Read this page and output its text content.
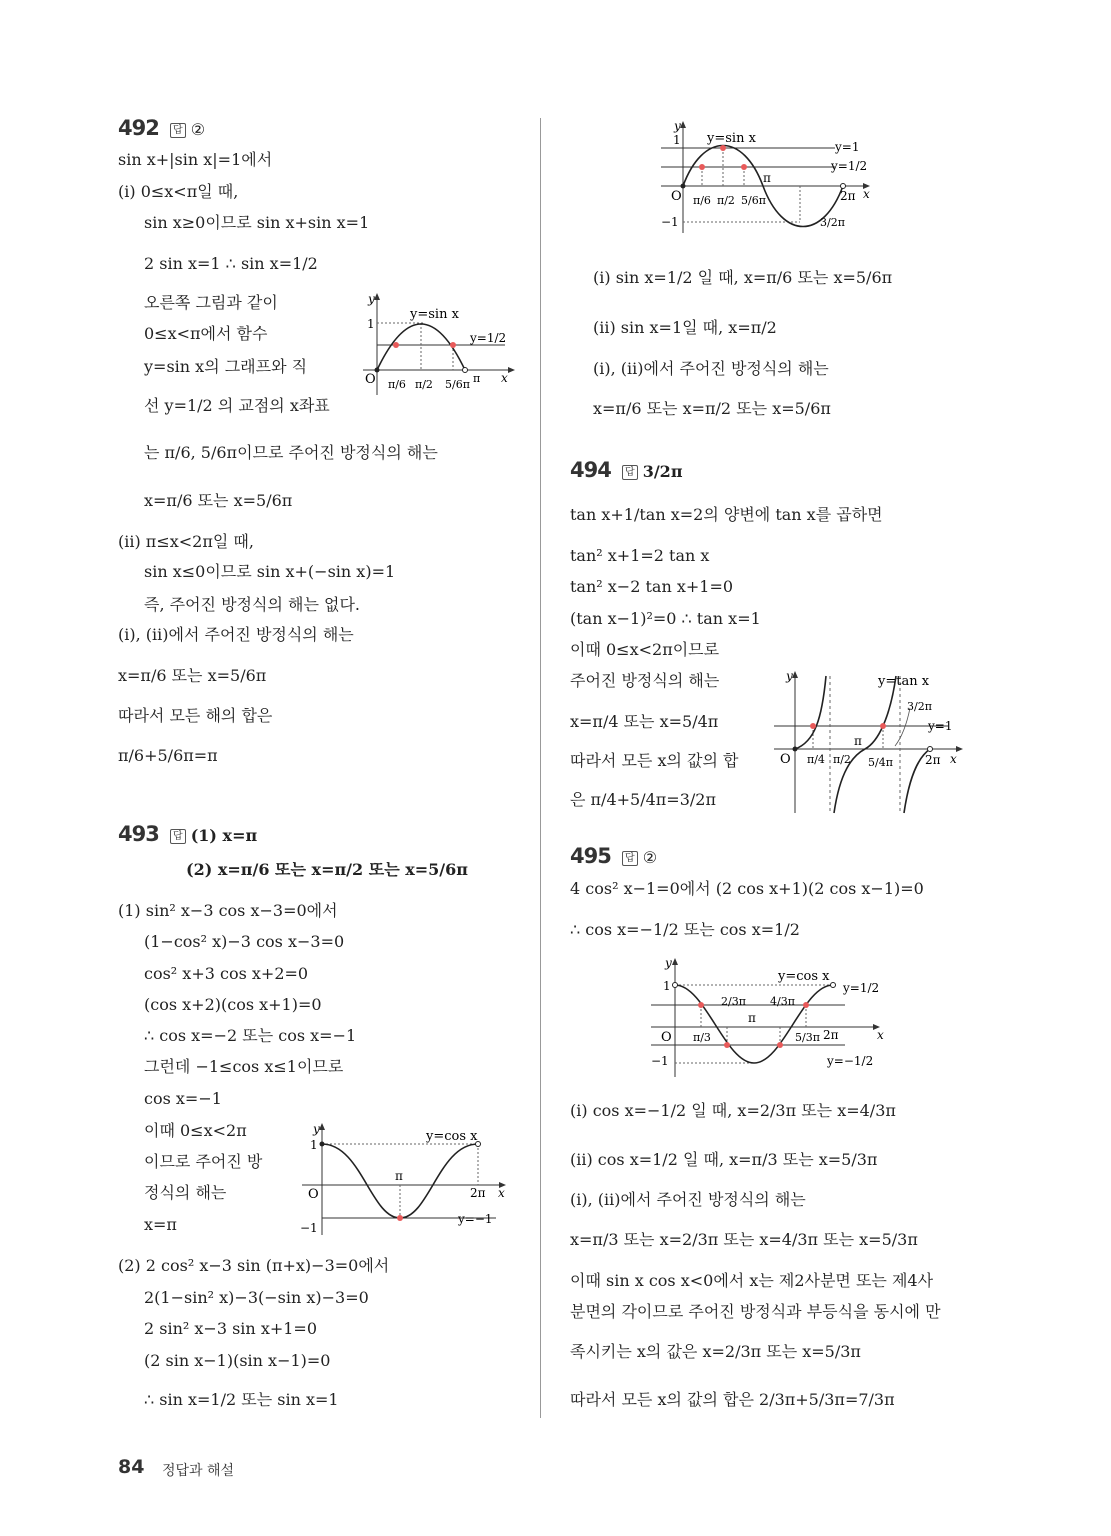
492 답 ②
sin x+|sin x|=1에서
(ⅰ) 0≤x<π일 때,
sin x≥0이므로 sin x+sin x=1
2 sin x=1 ∴ sin x=1/2
오른쪽 그림과 같이
0≤x<π에서 함수
y=sin x의 그래프와 직
선 y=1/2 의 교점의 x좌표
는 π/6, 5/6π이므로 주어진 방정식의 해는
x=π/6 또는 x=5/6π
(ⅱ) π≤x<2π일 때,
sin x≤0이므로 sin x+(−sin x)=1
즉, 주어진 방정식의 해는 없다.
(ⅰ), (ⅱ)에서 주어진 방정식의 해는
x=π/6 또는 x=5/6π
따라서 모든 해의 합은
π/6+5/6π=π
y
y=sin x
1
y=1/2
O	x
π/6 π/2 5/6π π
493 답 (1) x=π
(2) x=π/6 또는 x=π/2 또는 x=5/6π
(1) sin² x−3 cos x−3=0에서
(1−cos² x)−3 cos x−3=0
cos² x+3 cos x+2=0
(cos x+2)(cos x+1)=0
∴ cos x=−2 또는 cos x=−1
그런데 −1≤cos x≤1이므로
cos x=−1
이때 0≤x<2π
이므로 주어진 방
정식의 해는
x=π
(2) 2 cos² x−3 sin (π+x)−3=0에서
2(1−sin² x)−3(−sin x)−3=0
2 sin² x−3 sin x+1=0
(2 sin x−1)(sin x−1)=0
∴ sin x=1/2 또는 sin x=1
y	y=cos x
1
O
π
2π x
−1
y=−1
y
1 y=sin x
y=1
y=1/2
π
O π/6 π/2 5/6π	2π x
−1	3/2π
(ⅰ) sin x=1/2 일 때, x=π/6 또는 x=5/6π
(ⅱ) sin x=1일 때, x=π/2
(ⅰ), (ⅱ)에서 주어진 방정식의 해는
x=π/6 또는 x=π/2 또는 x=5/6π
494 답 3/2π
tan x+1/tan x=2의 양변에 tan x를 곱하면
tan² x+1=2 tan x
tan² x−2 tan x+1=0
(tan x−1)²=0 ∴ tan x=1
이때 0≤x<2π이므로
주어진 방정식의 해는
x=π/4 또는 x=5/4π
따라서 모든 x의 값의 합
은 π/4+5/4π=3/2π
y	y=tan x
3/2π
y=1
π
O π/4 π/2 5/4π	2π x
495 답 ②
4 cos² x−1=0에서 (2 cos x+1)(2 cos x−1)=0
∴ cos x=−1/2 또는 cos x=1/2
y
1
y=cos x
y=1/2
2/3π 4/3π
π
O π/3	5/3π 2π	x
−1	y=−1/2
(ⅰ) cos x=−1/2 일 때, x=2/3π 또는 x=4/3π
(ⅱ) cos x=1/2 일 때, x=π/3 또는 x=5/3π
(ⅰ), (ⅱ)에서 주어진 방정식의 해는
x=π/3 또는 x=2/3π 또는 x=4/3π 또는 x=5/3π
이때 sin x cos x<0에서 x는 제2사분면 또는 제4사
분면의 각이므로 주어진 방정식과 부등식을 동시에 만
족시키는 x의 값은 x=2/3π 또는 x=5/3π
따라서 모든 x의 값의 합은 2/3π+5/3π=7/3π
84 정답과 해설
